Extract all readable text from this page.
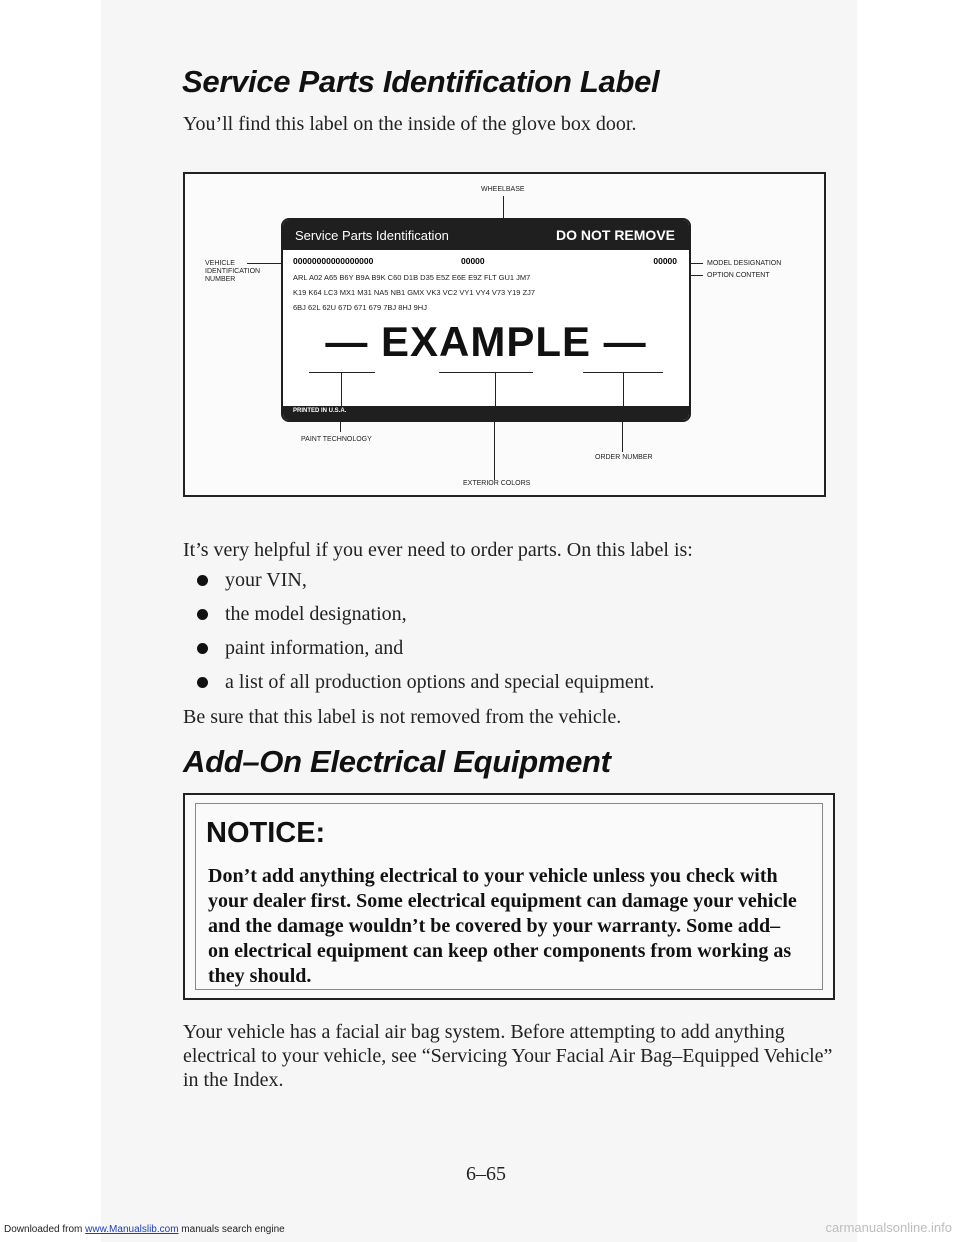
Service Parts Identification Label

You’ll find this label on the inside of the glove box door.

WHEELBASE
VEHICLE
IDENTIFICATION
NUMBER
MODEL DESIGNATION
OPTION CONTENT
Service Parts Identification	DO NOT REMOVE
00000000000000000	00000	00000
ARL A02 A65 B6Y B9A B9K C60 D1B D35 E5Z E6E E9Z FLT GU1 JM7
K19 K64 LC3 MX1 M31 NA5 NB1 GMX VK3 VC2 VY1 VY4 V73 Y19 ZJ7
6BJ 62L 62U 67D 671 679 7BJ 8HJ 9HJ
— EXAMPLE —
PRINTED IN U.S.A.
PAINT TECHNOLOGY
EXTERIOR COLORS
ORDER NUMBER

It’s very helpful if you ever need to order parts. On this label is:

your VIN,
the model designation,
paint information, and
a list of all production options and special equipment.

Be sure that this label is not removed from the vehicle.

Add–On Electrical Equipment

NOTICE:

Don’t add anything electrical to your vehicle unless you check with your dealer first. Some electrical equipment can damage your vehicle and the damage wouldn’t be covered by your warranty. Some add–on electrical equipment can keep other components from working as they should.

Your vehicle has a facial air bag system. Before attempting to add anything electrical to your vehicle, see “Servicing Your Facial Air Bag–Equipped Vehicle” in the Index.

6–65
Downloaded from www.Manualslib.com manuals search engine	carmanualsonline.info
